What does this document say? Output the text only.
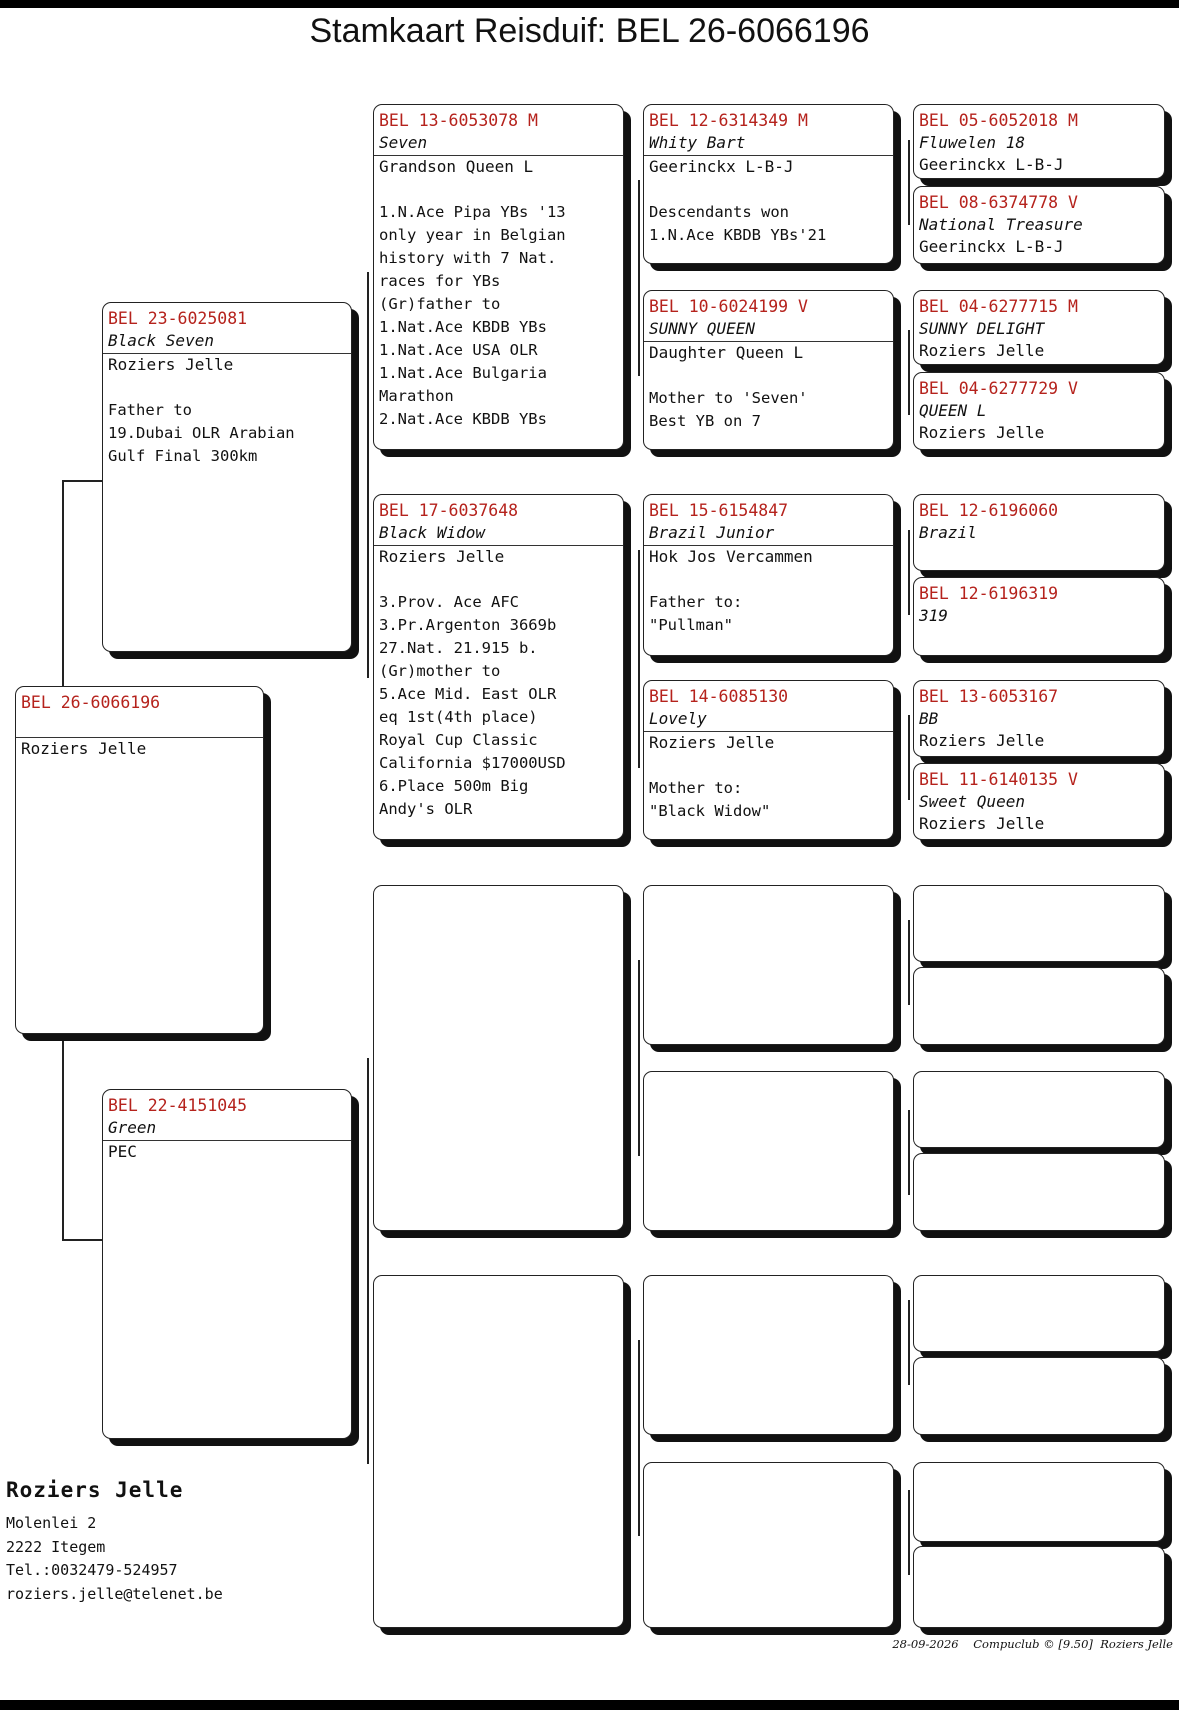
Stamkaart Reisduif: BEL 26-6066196
BEL 26-6066196
Roziers Jelle
BEL 23-6025081
Black Seven
Roziers Jelle
Father to
19.Dubai OLR Arabian
Gulf Final 300km
BEL 22-4151045
Green
PEC
BEL 13-6053078 M
Seven
Grandson Queen L
1.N.Ace Pipa YBs '13
only year in Belgian
history with 7 Nat.
races for YBs
(Gr)father to
1.Nat.Ace KBDB YBs
1.Nat.Ace USA OLR
1.Nat.Ace Bulgaria
Marathon
2.Nat.Ace KBDB YBs
BEL 17-6037648
Black Widow
Roziers Jelle
3.Prov. Ace AFC
3.Pr.Argenton 3669b
27.Nat. 21.915 b.
(Gr)mother to
5.Ace Mid. East OLR
eq 1st(4th place)
Royal Cup Classic
California $17000USD
6.Place 500m Big
Andy's OLR
BEL 12-6314349 M
Whity Bart
Geerinckx L-B-J
Descendants won
1.N.Ace KBDB YBs'21
BEL 10-6024199 V
SUNNY QUEEN
Daughter Queen L
Mother to 'Seven'
Best YB on 7
BEL 15-6154847
Brazil Junior
Hok Jos Vercammen
Father to:
"Pullman"
BEL 14-6085130
Lovely
Roziers Jelle
Mother to:
"Black Widow"
BEL 05-6052018 M
Fluwelen 18
Geerinckx L-B-J
BEL 08-6374778 V
National Treasure
Geerinckx L-B-J
BEL 04-6277715 M
SUNNY DELIGHT
Roziers Jelle
BEL 04-6277729 V
QUEEN L
Roziers Jelle
BEL 12-6196060
Brazil
BEL 12-6196319
319
BEL 13-6053167
BB
Roziers Jelle
BEL 11-6140135 V
Sweet Queen
Roziers Jelle
Roziers Jelle
Molenlei 2
2222 Itegem
Tel.:0032479-524957
roziers.jelle@telenet.be
28-09-2026 Compuclub © [9.50] Roziers Jelle
